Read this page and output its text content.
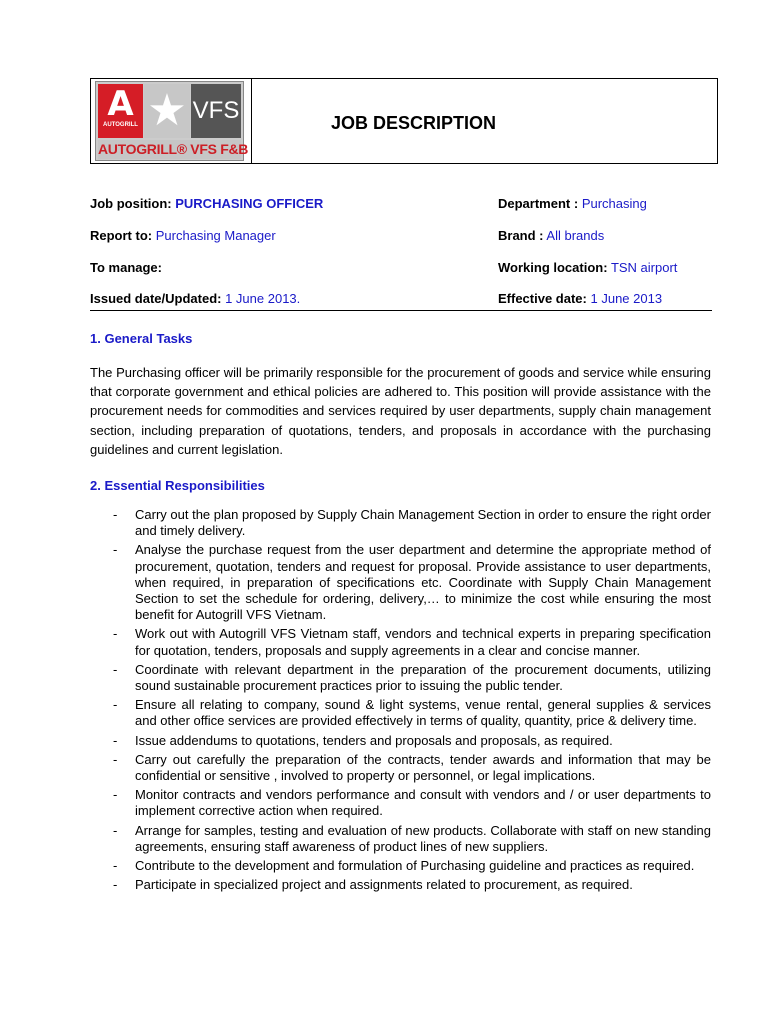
A
AUTOGRILL ★ VFS
AUTOGRILL® VFS F&B
JOB DESCRIPTION
Job position: PURCHASING OFFICER	Department : Purchasing
Report to: Purchasing Manager	Brand : All brands
To manage:	Working location: TSN airport
Issued date/Updated: 1 June 2013.	Effective date: 1 June 2013
1. General Tasks
The Purchasing officer will be primarily responsible for the procurement of goods and service while ensuring that corporate government and ethical policies are adhered to. This position will provide assistance with the procurement needs for commodities and services required by user departments, supply chain management section, including preparation of quotations, tenders, and proposals in accordance with the purchasing guidelines and current legislation.
2. Essential Responsibilities
- Carry out the plan proposed by Supply Chain Management Section in order to ensure the right order and timely delivery.
- Analyse the purchase request from the user department and determine the appropriate method of procurement, quotation, tenders and request for proposal. Provide assistance to user departments, when required, in preparation of specifications etc. Coordinate with Supply Chain Management Section to set the schedule for ordering, delivery,… to minimize the cost while ensuring the most benefit for Autogrill VFS Vietnam.
- Work out with Autogrill VFS Vietnam staff, vendors and technical experts in preparing specification for quotation, tenders, proposals and supply agreements in a clear and concise manner.
- Coordinate with relevant department in the preparation of the procurement documents, utilizing sound sustainable procurement practices prior to issuing the public tender.
- Ensure all relating to company, sound & light systems, venue rental, general supplies & services and other office services are provided effectively in terms of quality, quantity, price & delivery time.
- Issue addendums to quotations, tenders and proposals and proposals, as required.
- Carry out carefully the preparation of the contracts, tender awards and information that may be confidential or sensitive , involved to property or personnel, or legal implications.
- Monitor contracts and vendors performance and consult with vendors and / or user departments to implement corrective action when required.
- Arrange for samples, testing and evaluation of new products. Collaborate with staff on new standing agreements, ensuring staff awareness of product lines of new suppliers.
- Contribute to the development and formulation of Purchasing guideline and practices as required.
- Participate in specialized project and assignments related to procurement, as required.
